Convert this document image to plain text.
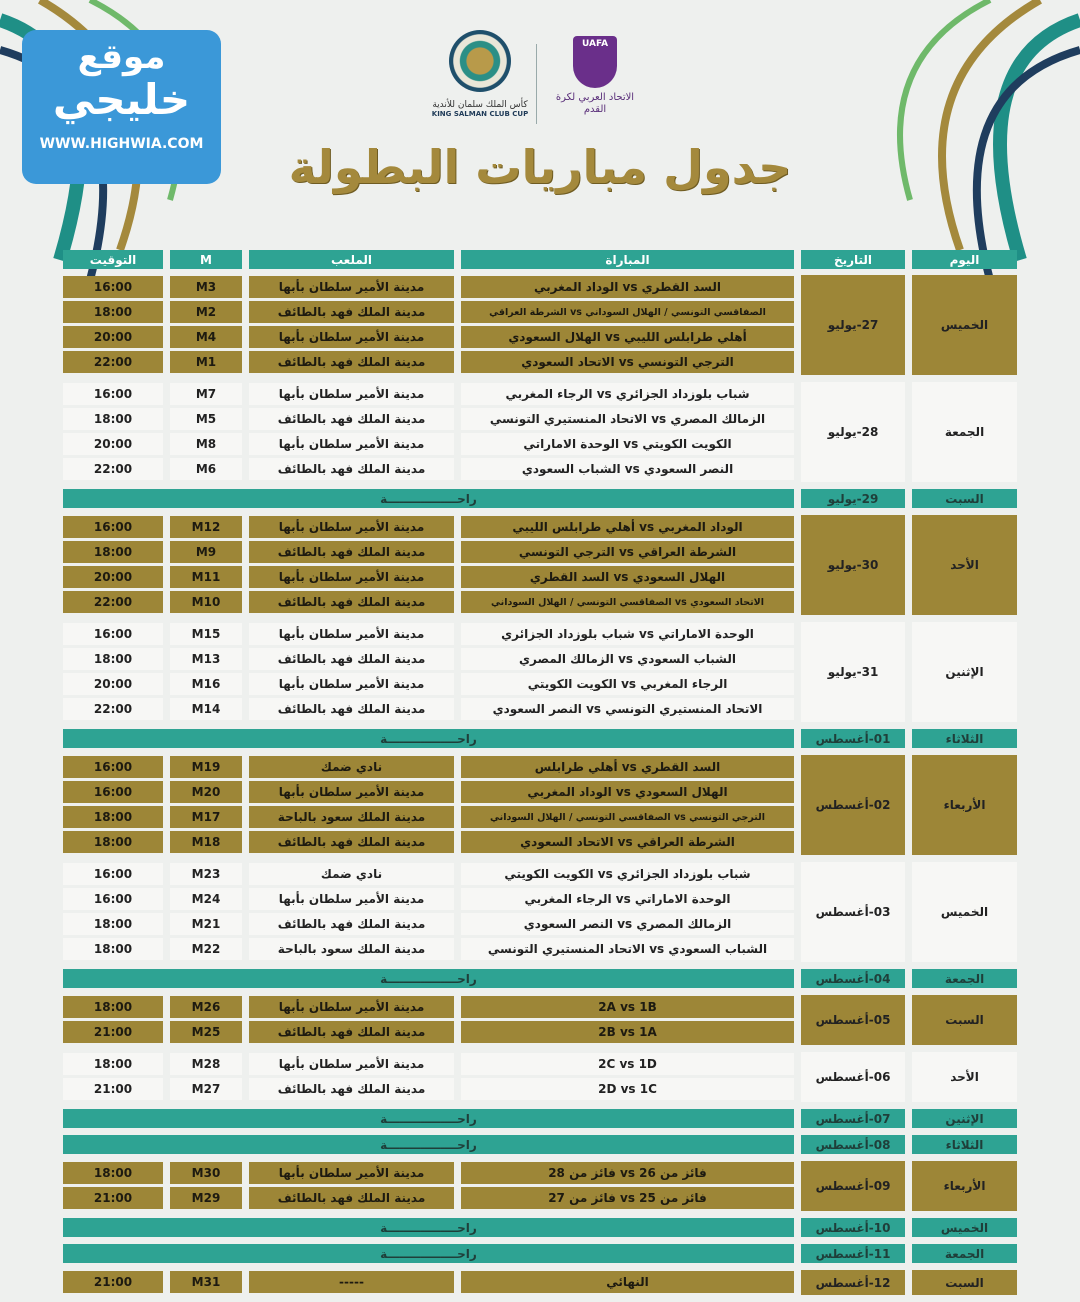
كأس الملك سلمان للأندية
KING SALMAN CLUB CUP
UAFA
الاتحاد العربي لكرة القدم
جدول مباريات البطولة
موقع
خليجي
WWW.HIGHWIA.COM
التوقيت	M	الملعب	المباراة	التاريخ	اليوم
16:00	M3	مدينة الأمير سلطان بأبها	السد القطري vs الوداد المغربي
18:00	M2	مدينة الملك فهد بالطائف	الصفاقسي التونسي / الهلال السوداني vs الشرطة العراقي
20:00	M4	مدينة الأمير سلطان بأبها	أهلي طرابلس الليبي vs الهلال السعودي
22:00	M1	مدينة الملك فهد بالطائف	الترجي التونسي vs الاتحاد السعودي
27-يوليو	الخميس
16:00	M7	مدينة الأمير سلطان بأبها	شباب بلوزداد الجزائري vs الرجاء المغربي
18:00	M5	مدينة الملك فهد بالطائف	الزمالك المصري vs الاتحاد المنستيري التونسي
20:00	M8	مدينة الأمير سلطان بأبها	الكويت الكويتي vs الوحدة الاماراتي
22:00	M6	مدينة الملك فهد بالطائف	النصر السعودي vs الشباب السعودي
28-يوليو	الجمعة
راحـــــــــــــــــة	29-يوليو	السبت
16:00	M12	مدينة الأمير سلطان بأبها	الوداد المغربي vs أهلي طرابلس الليبي
18:00	M9	مدينة الملك فهد بالطائف	الشرطة العراقي vs الترجي التونسي
20:00	M11	مدينة الأمير سلطان بأبها	الهلال السعودي vs السد القطري
22:00	M10	مدينة الملك فهد بالطائف	الاتحاد السعودي vs الصفاقسي التونسي / الهلال السوداني
30-يوليو	الأحد
16:00	M15	مدينة الأمير سلطان بأبها	الوحدة الاماراتي vs شباب بلوزداد الجزائري
18:00	M13	مدينة الملك فهد بالطائف	الشباب السعودي vs الزمالك المصري
20:00	M16	مدينة الأمير سلطان بأبها	الرجاء المغربي vs الكويت الكويتي
22:00	M14	مدينة الملك فهد بالطائف	الاتحاد المنستيري التونسي vs النصر السعودي
31-يوليو	الإثنين
راحـــــــــــــــــة	01-أغسطس	الثلاثاء
16:00	M19	نادي ضمك	السد القطري vs أهلي طرابلس
16:00	M20	مدينة الأمير سلطان بأبها	الهلال السعودي vs الوداد المغربي
18:00	M17	مدينة الملك سعود بالباحة	الترجي التونسي vs الصفاقسي التونسي / الهلال السوداني
18:00	M18	مدينة الملك فهد بالطائف	الشرطة العراقي vs الاتحاد السعودي
02-أغسطس	الأربعاء
16:00	M23	نادي ضمك	شباب بلوزداد الجزائري vs الكويت الكويتي
16:00	M24	مدينة الأمير سلطان بأبها	الوحدة الاماراتي vs الرجاء المغربي
18:00	M21	مدينة الملك فهد بالطائف	الزمالك المصري vs النصر السعودي
18:00	M22	مدينة الملك سعود بالباحة	الشباب السعودي vs الاتحاد المنستيري التونسي
03-أغسطس	الخميس
راحـــــــــــــــــة	04-أغسطس	الجمعة
18:00	M26	مدينة الأمير سلطان بأبها	2A vs 1B
21:00	M25	مدينة الملك فهد بالطائف	2B vs 1A
05-أغسطس	السبت
18:00	M28	مدينة الأمير سلطان بأبها	2C vs 1D
21:00	M27	مدينة الملك فهد بالطائف	2D vs 1C
06-أغسطس	الأحد
راحـــــــــــــــــة	07-أغسطس	الإثنين
راحـــــــــــــــــة	08-أغسطس	الثلاثاء
18:00	M30	مدينة الأمير سلطان بأبها	فائز من 26 vs فائز من 28
21:00	M29	مدينة الملك فهد بالطائف	فائز من 25 vs فائز من 27
09-أغسطس	الأربعاء
راحـــــــــــــــــة	10-أغسطس	الخميس
راحـــــــــــــــــة	11-أغسطس	الجمعة
21:00	M31	-----	النهائي	12-أغسطس	السبت
